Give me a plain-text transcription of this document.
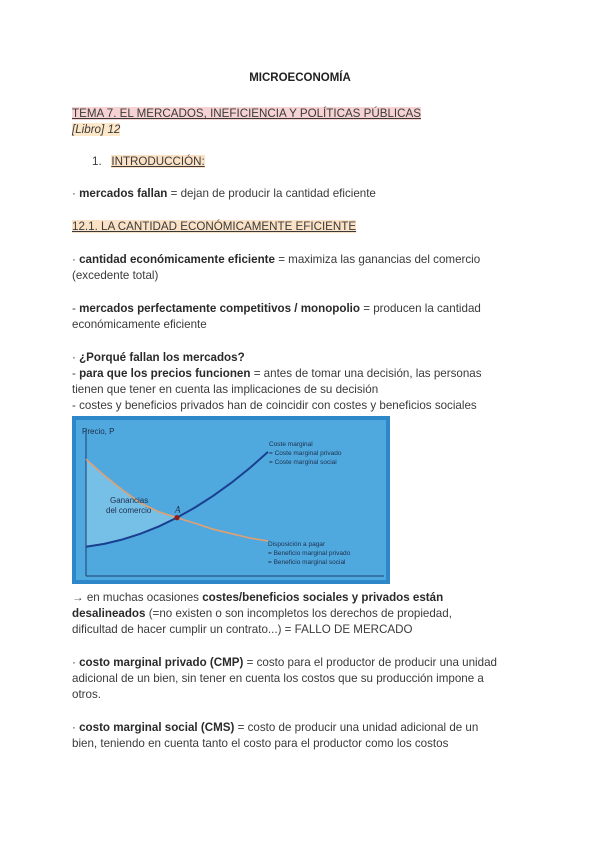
MICROECONOMÍA
TEMA 7. EL MERCADOS, INEFICIENCIA Y POLÍTICAS PÚBLICAS
[Libro] 12
1. INTRODUCCIÓN:
· mercados fallan = dejan de producir la cantidad eficiente
12.1. LA CANTIDAD ECONÓMICAMENTE EFICIENTE
· cantidad económicamente eficiente = maximiza las ganancias del comercio
(excedente total)
- mercados perfectamente competitivos / monopolio = producen la cantidad
económicamente eficiente
· ¿Porqué fallan los mercados?
- para que los precios funcionen = antes de tomar una decisión, las personas
tienen que tener en cuenta las implicaciones de su decisión
- costes y beneficios privados han de coincidir con costes y beneficios sociales
Precio, P
A
Ganancias
del comercio
Coste marginal
= Coste marginal privado
= Coste marginal social
Disposición a pagar
= Beneficio marginal privado
= Beneficio marginal social
→ en muchas ocasiones costes/beneficios sociales y privados están
desalineados (=no existen o son incompletos los derechos de propiedad,
dificultad de hacer cumplir un contrato...) = FALLO DE MERCADO
· costo marginal privado (CMP) = costo para el productor de producir una unidad
adicional de un bien, sin tener en cuenta los costos que su producción impone a
otros.
· costo marginal social (CMS) = costo de producir una unidad adicional de un
bien, teniendo en cuenta tanto el costo para el productor como los costos
